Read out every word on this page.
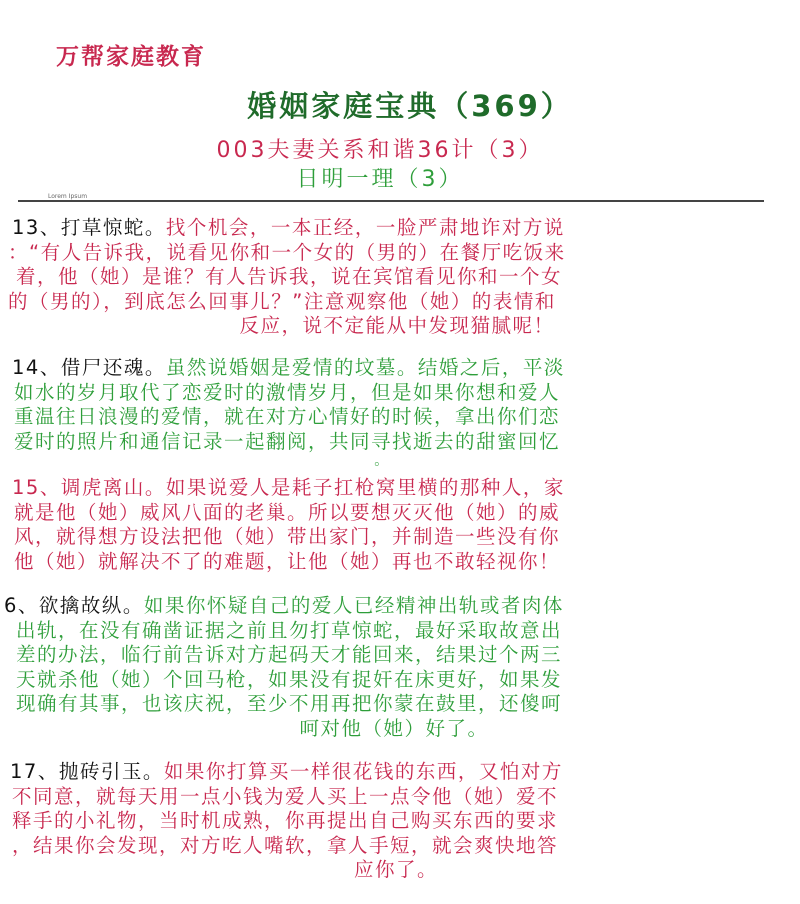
万帮家庭教育
婚姻家庭宝典（369）
003夫妻关系和谐36计（3）
日明一理（3）
Lorem Ipsum
13、打草惊蛇。找个机会，一本正经，一脸严肃地诈对方说
：“有人告诉我，说看见你和一个女的（男的）在餐厅吃饭来
着，他（她）是谁？有人告诉我，说在宾馆看见你和一个女
的（男的），到底怎么回事儿？”注意观察他（她）的表情和
反应，说不定能从中发现猫腻呢！
14、借尸还魂。虽然说婚姻是爱情的坟墓。结婚之后，平淡
如水的岁月取代了恋爱时的激情岁月，但是如果你想和爱人
重温往日浪漫的爱情，就在对方心情好的时候，拿出你们恋
爱时的照片和通信记录一起翻阅，共同寻找逝去的甜蜜回忆
。
15、调虎离山。如果说爱人是耗子扛枪窝里横的那种人，家
就是他（她）威风八面的老巢。所以要想灭灭他（她）的威
风，就得想方设法把他（她）带出家门，并制造一些没有你
他（她）就解决不了的难题，让他（她）再也不敢轻视你！
6、欲擒故纵。如果你怀疑自己的爱人已经精神出轨或者肉体
出轨，在没有确凿证据之前且勿打草惊蛇，最好采取故意出
差的办法，临行前告诉对方起码天才能回来，结果过个两三
天就杀他（她）个回马枪，如果没有捉奸在床更好，如果发
现确有其事，也该庆祝，至少不用再把你蒙在鼓里，还傻呵
呵对他（她）好了。
17、抛砖引玉。如果你打算买一样很花钱的东西，又怕对方
不同意，就每天用一点小钱为爱人买上一点令他（她）爱不
释手的小礼物，当时机成熟，你再提出自己购买东西的要求
，结果你会发现，对方吃人嘴软，拿人手短，就会爽快地答
应你了。
